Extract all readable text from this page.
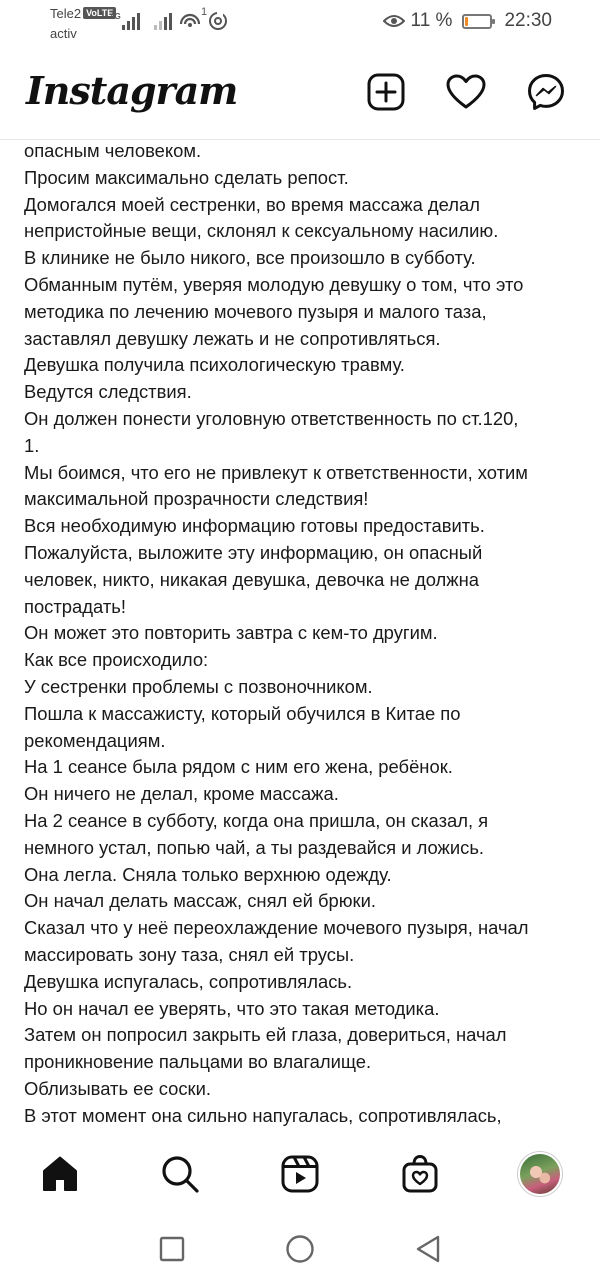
Tele2 VoLTE
activ
4G	1	11 %	22:30
Instagram

опасным человеком.

Просим максимально сделать репост.

Домогался моей сестренки, во время массажа делал

непристойные вещи, склонял к сексуальному насилию.

В клинике не было никого, все произошло в субботу.

Обманным путём, уверяя молодую девушку о том, что это

методика по лечению мочевого пузыря и малого таза,

заставлял девушку лежать и не сопротивляться.

Девушка получила психологическую травму.

Ведутся следствия.

Он должен понести уголовную ответственность по ст.120,

1.

Мы боимся, что его не привлекут к ответственности, хотим

максимальной прозрачности следствия!

Вся необходимую информацию готовы предоставить.

Пожалуйста, выложите эту информацию, он опасный

человек, никто, никакая девушка, девочка не должна

пострадать!

Он может это повторить завтра с кем-то другим.

Как все происходило:

У сестренки проблемы с позвоночником.

Пошла к массажисту, который обучился в Китае по

рекомендациям.

На 1 сеансе была рядом с ним его жена, ребёнок.

Он ничего не делал, кроме массажа.

На 2 сеансе в субботу, когда она пришла, он сказал, я

немного устал, попью чай, а ты раздевайся и ложись.

Она легла. Сняла только верхнюю одежду.

Он начал делать массаж, снял ей брюки.

Сказал что у неё переохлаждение мочевого пузыря, начал

массировать зону таза, снял ей трусы.

Девушка испугалась, сопротивлялась.

Но он начал ее уверять, что это такая методика.

Затем он попросил закрыть ей глаза, довериться, начал

проникновение пальцами во влагалище.

Облизывать ее соски.

В этот момент она сильно напугалась, сопротивлялась,
